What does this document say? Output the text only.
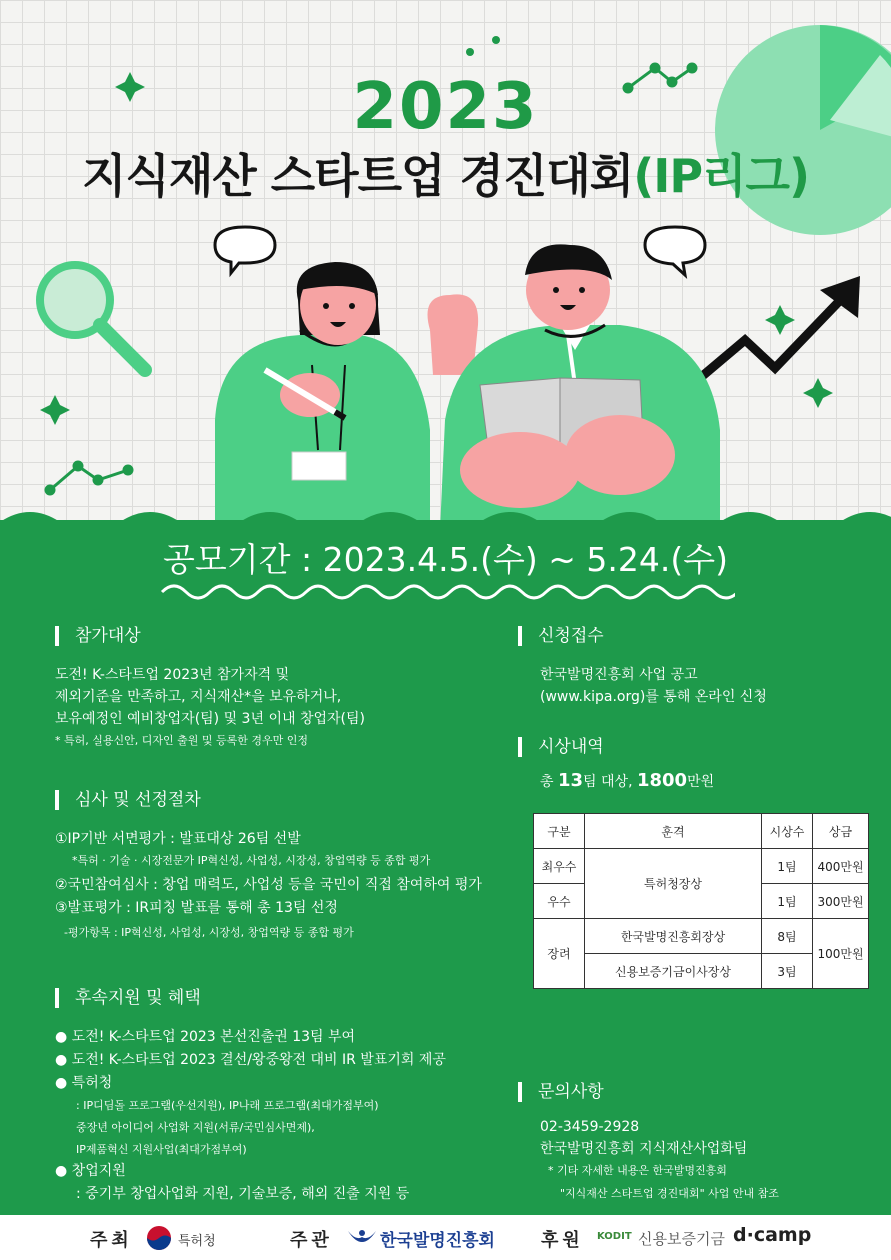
2023
지식재산 스타트업 경진대회(IP리그)
공모기간 : 2023.4.5.(수) ~ 5.24.(수)
참가대상
도전! K-스타트업 2023년 참가자격 및
제외기준을 만족하고, 지식재산*을 보유하거나,
보유예정인 예비창업자(팀) 및 3년 이내 창업자(팀)
* 특허, 실용신안, 디자인 출원 및 등록한 경우만 인정
심사 및 선정절차
①IP기반 서면평가 : 발표대상 26팀 선발
*특허 · 기술 · 시장전문가 IP혁신성, 사업성, 시장성, 창업역량 등 종합 평가
②국민참여심사 : 창업 매력도, 사업성 등을 국민이 직접 참여하여 평가
③발표평가 : IR피칭 발표를 통해 총 13팀 선정
-평가항목 : IP혁신성, 사업성, 시장성, 창업역량 등 종합 평가
후속지원 및 혜택
● 도전! K-스타트업 2023 본선진출권 13팀 부여
● 도전! K-스타트업 2023 결선/왕중왕전 대비 IR 발표기회 제공
● 특허청
: IP디딤돌 프로그램(우선지원), IP나래 프로그램(최대가점부여)
중장년 아이디어 사업화 지원(서류/국민심사면제),
IP제품혁신 지원사업(최대가점부여)
● 창업지원
: 중기부 창업사업화 지원, 기술보증, 해외 진출 지원 등
신청접수
한국발명진흥회 사업 공고
(www.kipa.org)를 통해 온라인 신청
시상내역
총 13팀 대상, 1800만원
구분	훈격	시상수	상금
최우수	특허청장상	1팀	400만원
우수		1팀	300만원
장려	한국발명진흥회장상	8팀	100만원
	신용보증기금이사장상	3팀	
문의사항
02-3459-2928
한국발명진흥회 지식재산사업화팀
* 기타 자세한 내용은 한국발명진흥회
"지식재산 스타트업 경진대회" 사업 안내 참조
주최	특허청	주관	한국발명진흥회	후원 KODIT 신용보증기금 d·camp
